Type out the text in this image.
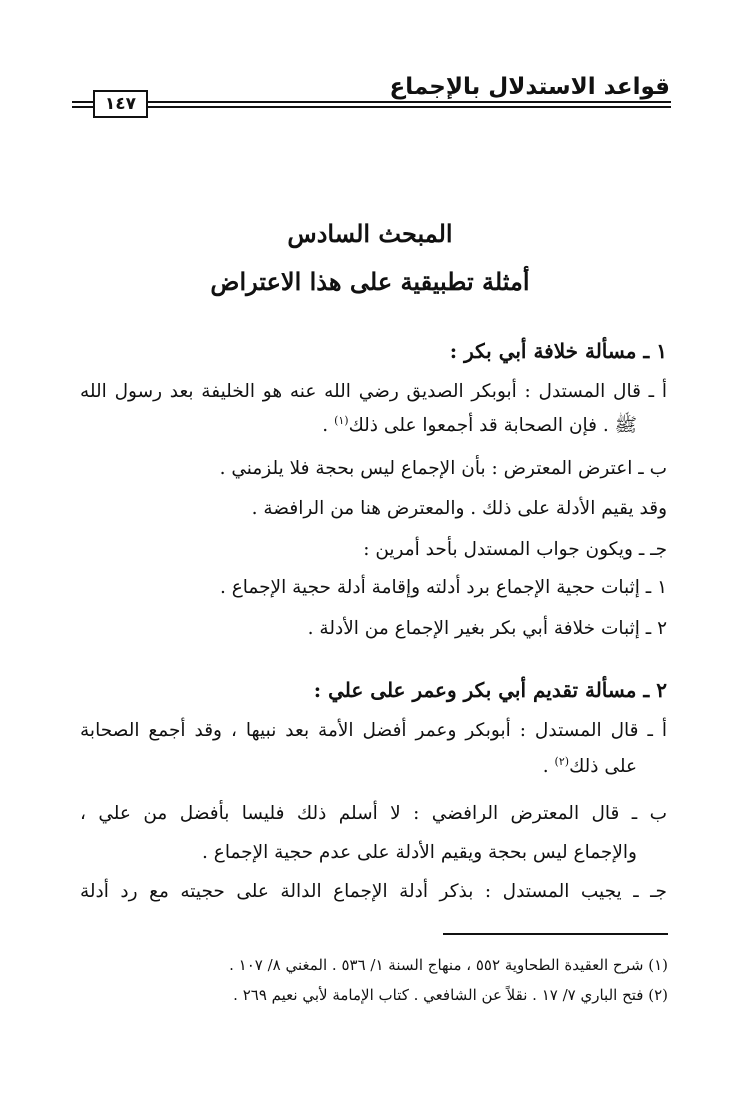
قواعد الاستدلال بالإجماع
١٤٧
المبحث السادس
أمثلة تطبيقية على هذا الاعتراض

١ ـ مسألة خلافة أبي بكر :

أ ـ قال المستدل : أبوبكر الصديق رضي الله عنه هو الخليفة بعد رسول الله

ﷺ . فإن الصحابة قد أجمعوا على ذلك$^{(١)}$ .

ب ـ اعترض المعترض : بأن الإجماع ليس بحجة فلا يلزمني .

وقد يقيم الأدلة على ذلك . والمعترض هنا من الرافضة .

جـ ـ ويكون جواب المستدل بأحد أمرين :

١ ـ إثبات حجية الإجماع برد أدلته وإقامة أدلة حجية الإجماع .

٢ ـ إثبات خلافة أبي بكر بغير الإجماع من الأدلة .

٢ ـ مسألة تقديم أبي بكر وعمر على علي :

أ ـ قال المستدل : أبوبكر وعمر أفضل الأمة بعد نبيها ، وقد أجمع الصحابة

على ذلك$^{(٢)}$ .

ب ـ قال المعترض الرافضي : لا أسلم ذلك فليسا بأفضل من علي ،

والإجماع ليس بحجة ويقيم الأدلة على عدم حجية الإجماع .

جـ ـ يجيب المستدل : بذكر أدلة الإجماع الدالة على حجيته مع رد أدلة

(١) شرح العقيدة الطحاوية ٥٥٢ ، منهاج السنة ١/ ٥٣٦ . المغني ٨/ ١٠٧ .

(٢) فتح الباري ٧/ ١٧ . نقلاً عن الشافعي . كتاب الإمامة لأبي نعيم ٢٦٩ .
